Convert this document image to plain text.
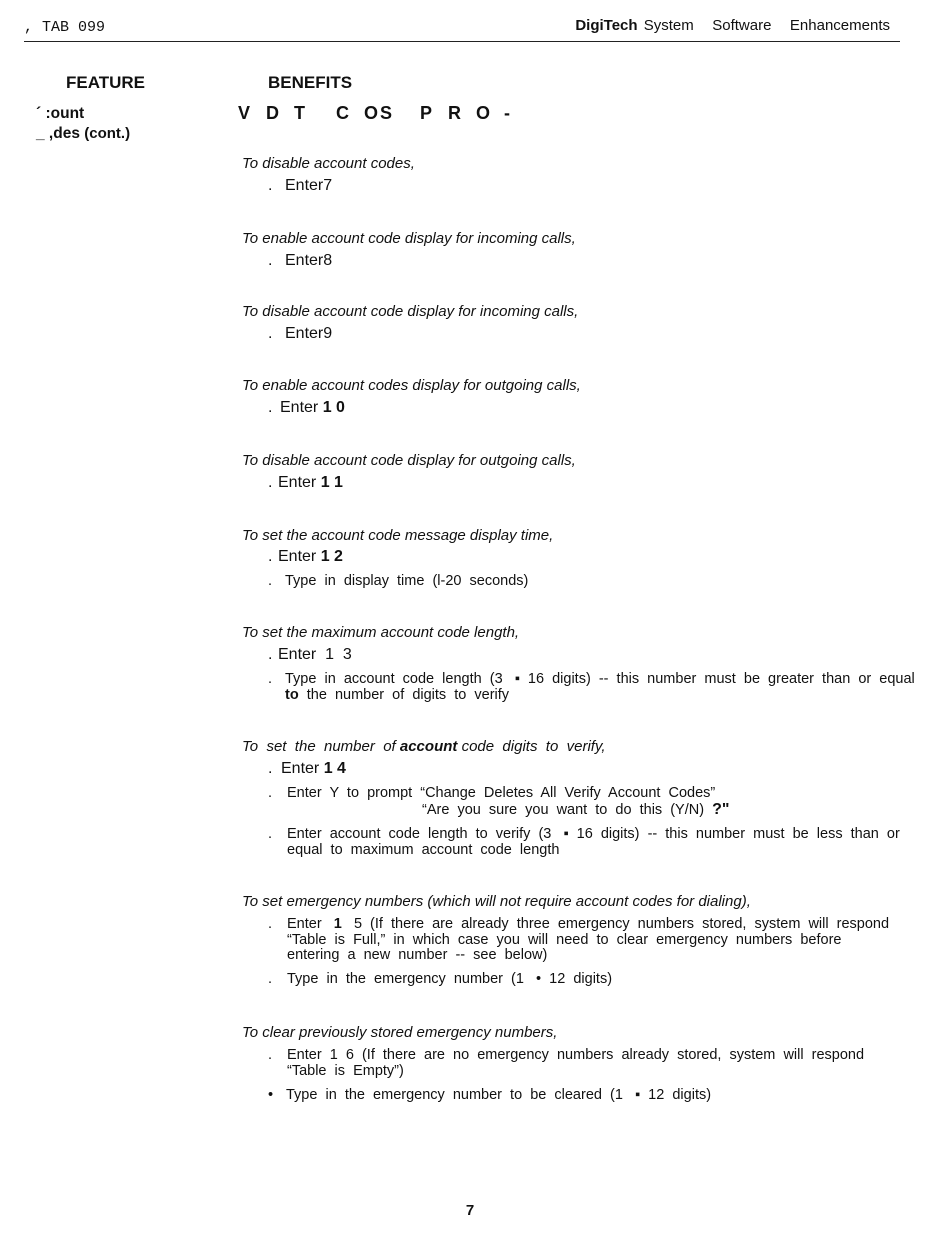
, TAB 099	DigiTech System   Software   Enhancements
FEATURE	BENEFITS
´ :ount
_ ,des (cont.)
V D T C O S P R O -
To disable account codes,
. Enter7
To enable account code display for incoming calls,
. Enter8
To disable account code display for incoming calls,
. Enter9
To enable account codes display for outgoing calls,
. Enter 1 0
To disable account code display for outgoing calls,
. Enter 1 1
To set the account code message display time,
. Enter 1 2
. Type  in  display  time  (l-20  seconds)
To set the maximum account code length,
. Enter  1  3
. Type  in  account  code  length  (3   ▪  16  digits)  --  this  number  must  be  greater  than  or  equal
to the  number  of  digits  to  verify
To  set  the  number  of account code  digits  to  verify,
. Enter 1 4
. Enter  Y  to  prompt  “Change  Deletes  All  Verify  Account  Codes”
“Are  you  sure  you  want  to  do  this  (Y/N) ?"
. Enter  account  code  length  to  verify  (3   ▪  16  digits)  --  this  number  must  be  less  than  or
equal  to  maximum  account  code  length
To set emergency numbers (which will not require account codes for dialing),
. Enter 1 5  (If  there  are  already  three  emergency  numbers  stored,  system  will  respond
“Table  is  Full,”  in  which  case  you  will  need  to  clear  emergency  numbers  before
entering  a  new  number  --  see  below)
. Type  in  the  emergency  number  (1   •  12  digits)
To clear previously stored emergency numbers,
. Enter  1  6  (If  there  are  no  emergency  numbers  already  stored,  system  will  respond
“Table  is  Empty”)
• Type  in  the  emergency  number  to  be  cleared  (1   ▪  12  digits)
7
